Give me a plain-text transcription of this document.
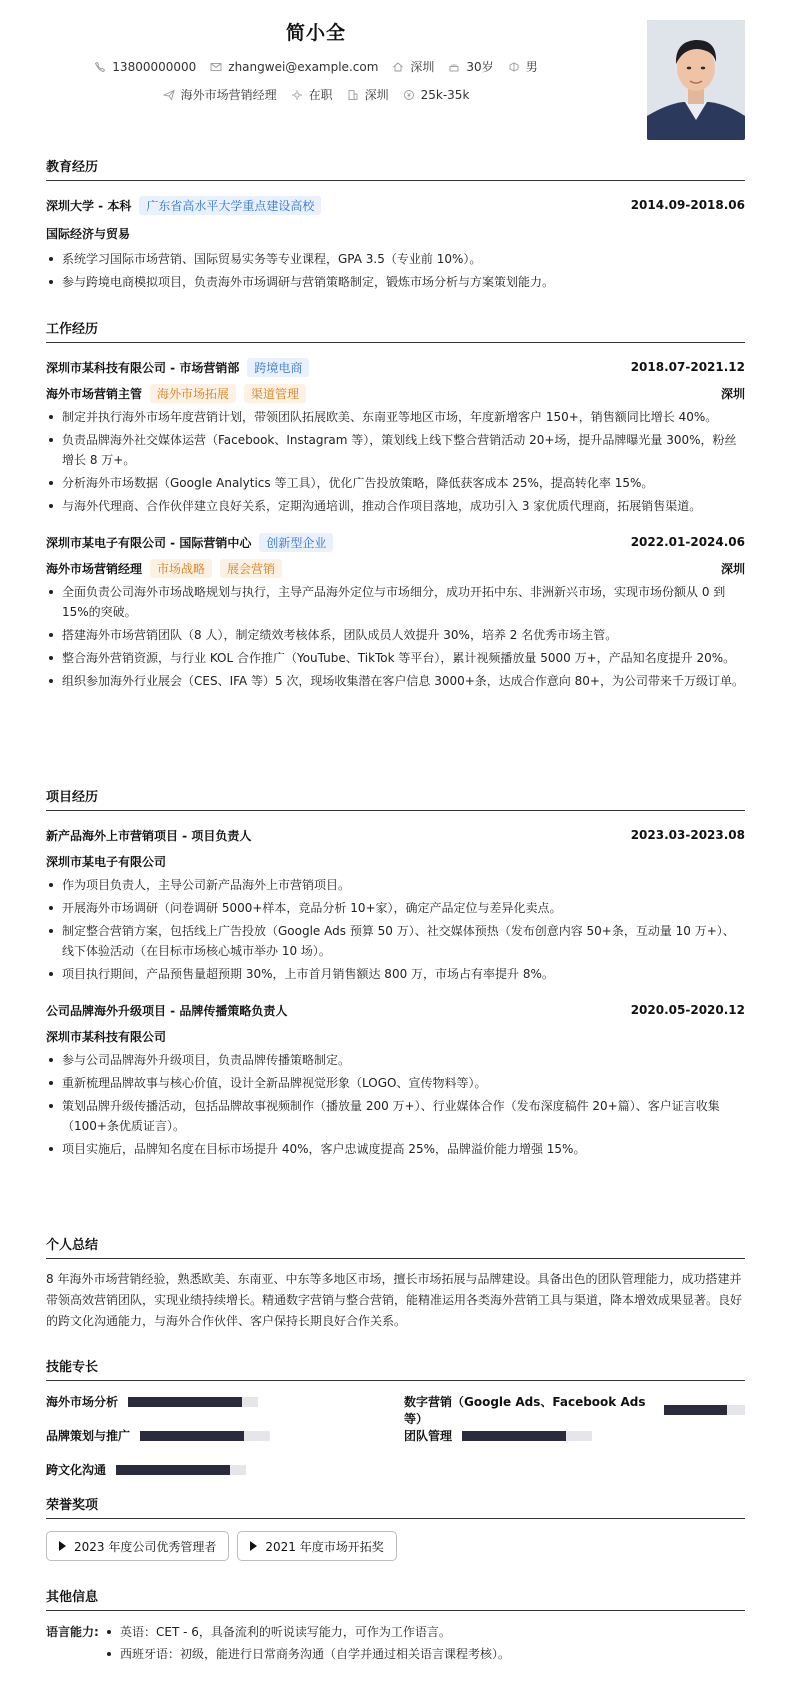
简小全
13800000000	zhangwei@example.com	深圳	30岁	男
海外市场营销经理	在职	深圳	25k-35k
教育经历
深圳大学 - 本科	广东省高水平大学重点建设高校	2014.09-2018.06
国际经济与贸易
系统学习国际市场营销、国际贸易实务等专业课程，GPA 3.5（专业前 10%）。
参与跨境电商模拟项目，负责海外市场调研与营销策略制定，锻炼市场分析与方案策划能力。
工作经历
深圳市某科技有限公司 - 市场营销部	跨境电商	2018.07-2021.12
海外市场营销主管	海外市场拓展	渠道管理	深圳
制定并执行海外市场年度营销计划，带领团队拓展欧美、东南亚等地区市场，年度新增客户 150+，销售额同比增长 40%。
负责品牌海外社交媒体运营（Facebook、Instagram 等），策划线上线下整合营销活动 20+场，提升品牌曝光量 300%，粉丝增长 8 万+。
分析海外市场数据（Google Analytics 等工具），优化广告投放策略，降低获客成本 25%，提高转化率 15%。
与海外代理商、合作伙伴建立良好关系，定期沟通培训，推动合作项目落地，成功引入 3 家优质代理商，拓展销售渠道。
深圳市某电子有限公司 - 国际营销中心	创新型企业	2022.01-2024.06
海外市场营销经理	市场战略	展会营销	深圳
全面负责公司海外市场战略规划与执行，主导产品海外定位与市场细分，成功开拓中东、非洲新兴市场，实现市场份额从 0 到 15%的突破。
搭建海外市场营销团队（8 人），制定绩效考核体系，团队成员人效提升 30%，培养 2 名优秀市场主管。
整合海外营销资源，与行业 KOL 合作推广（YouTube、TikTok 等平台），累计视频播放量 5000 万+，产品知名度提升 20%。
组织参加海外行业展会（CES、IFA 等）5 次，现场收集潜在客户信息 3000+条，达成合作意向 80+，为公司带来千万级订单。
项目经历
新产品海外上市营销项目 - 项目负责人	2023.03-2023.08
深圳市某电子有限公司
作为项目负责人，主导公司新产品海外上市营销项目。
开展海外市场调研（问卷调研 5000+样本，竞品分析 10+家），确定产品定位与差异化卖点。
制定整合营销方案，包括线上广告投放（Google Ads 预算 50 万）、社交媒体预热（发布创意内容 50+条，互动量 10 万+）、线下体验活动（在目标市场核心城市举办 10 场）。
项目执行期间，产品预售量超预期 30%，上市首月销售额达 800 万，市场占有率提升 8%。
公司品牌海外升级项目 - 品牌传播策略负责人	2020.05-2020.12
深圳市某科技有限公司
参与公司品牌海外升级项目，负责品牌传播策略制定。
重新梳理品牌故事与核心价值，设计全新品牌视觉形象（LOGO、宣传物料等）。
策划品牌升级传播活动，包括品牌故事视频制作（播放量 200 万+）、行业媒体合作（发布深度稿件 20+篇）、客户证言收集（100+条优质证言）。
项目实施后，品牌知名度在目标市场提升 40%，客户忠诚度提高 25%，品牌溢价能力增强 15%。
个人总结
8 年海外市场营销经验，熟悉欧美、东南亚、中东等多地区市场，擅长市场拓展与品牌建设。具备出色的团队管理能力，成功搭建并带领高效营销团队，实现业绩持续增长。精通数字营销与整合营销，能精准运用各类海外营销工具与渠道，降本增效成果显著。良好的跨文化沟通能力，与海外合作伙伴、客户保持长期良好合作关系。
技能专长
海外市场分析	数字营销（Google Ads、Facebook Ads 等）
品牌策划与推广	团队管理
跨文化沟通
荣誉奖项
2023 年度公司优秀管理者	2021 年度市场开拓奖
其他信息
语言能力:	英语：CET - 6，具备流利的听说读写能力，可作为工作语言。
西班牙语：初级，能进行日常商务沟通（自学并通过相关语言课程考核）。
